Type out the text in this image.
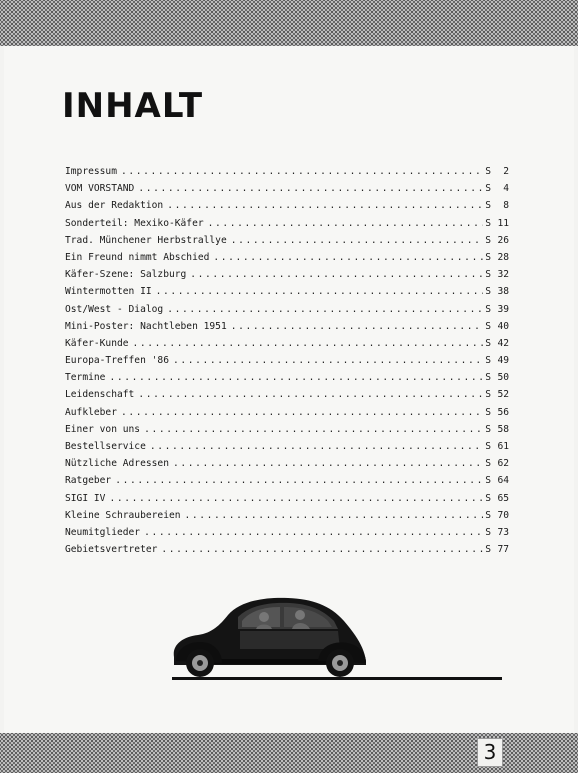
INHALT
Impressum .....	S 2
VOM VORSTAND .....	S 4
Aus der Redaktion .....	S 8
Sonderteil: Mexiko-Käfer .....	S 11
Trad. Münchener Herbstrallye .....	S 26
Ein Freund nimmt Abschied .....	S 28
Käfer-Szene: Salzburg .....	S 32
Wintermotten II .....	S 38
Ost/West - Dialog .....	S 39
Mini-Poster: Nachtleben 1951 .....	S 40
Käfer-Kunde .....	S 42
Europa-Treffen '86 .....	S 49
Termine .....	S 50
Leidenschaft .....	S 52
Aufkleber .....	S 56
Einer von uns .....	S 58
Bestellservice .....	S 61
Nützliche Adressen .....	S 62
Ratgeber .....	S 64
SIGI IV .....	S 65
Kleine Schraubereien .....	S 70
Neumitglieder .....	S 73
Gebietsvertreter .....	S 77
3
